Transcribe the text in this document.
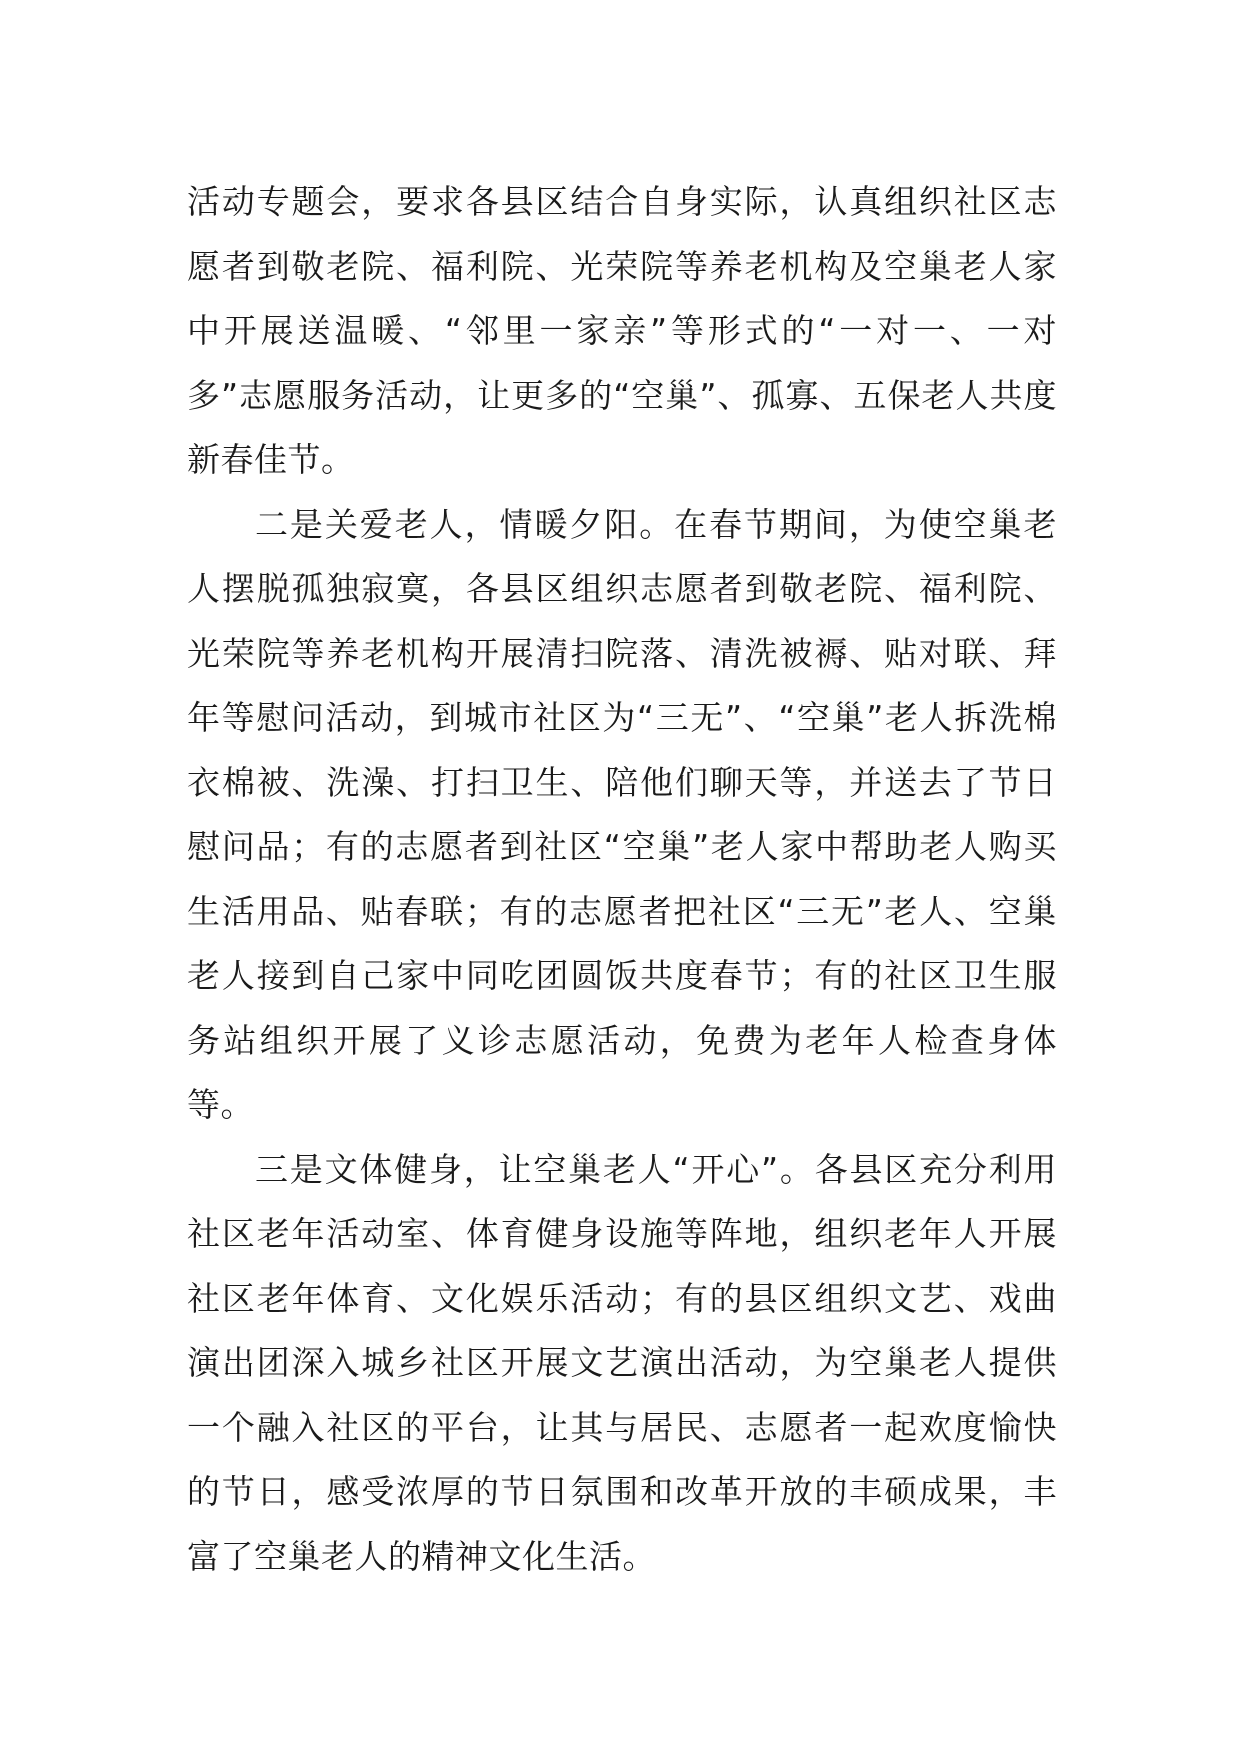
活动专题会，要求各县区结合自身实际，认真组织社区志愿者到敬老院、福利院、光荣院等养老机构及空巢老人家中开展送温暖、“邻里一家亲”等形式的“一对一、一对多”志愿服务活动，让更多的“空巢”、孤寡、五保老人共度新春佳节。

二是关爱老人，情暖夕阳。在春节期间，为使空巢老人摆脱孤独寂寞，各县区组织志愿者到敬老院、福利院、光荣院等养老机构开展清扫院落、清洗被褥、贴对联、拜年等慰问活动，到城市社区为“三无”、“空巢”老人拆洗棉衣棉被、洗澡、打扫卫生、陪他们聊天等，并送去了节日慰问品；有的志愿者到社区“空巢”老人家中帮助老人购买生活用品、贴春联；有的志愿者把社区“三无”老人、空巢老人接到自己家中同吃团圆饭共度春节；有的社区卫生服务站组织开展了义诊志愿活动，免费为老年人检查身体等。

三是文体健身，让空巢老人“开心”。各县区充分利用社区老年活动室、体育健身设施等阵地，组织老年人开展社区老年体育、文化娱乐活动；有的县区组织文艺、戏曲演出团深入城乡社区开展文艺演出活动，为空巢老人提供一个融入社区的平台，让其与居民、志愿者一起欢度愉快的节日，感受浓厚的节日氛围和改革开放的丰硕成果，丰富了空巢老人的精神文化生活。
